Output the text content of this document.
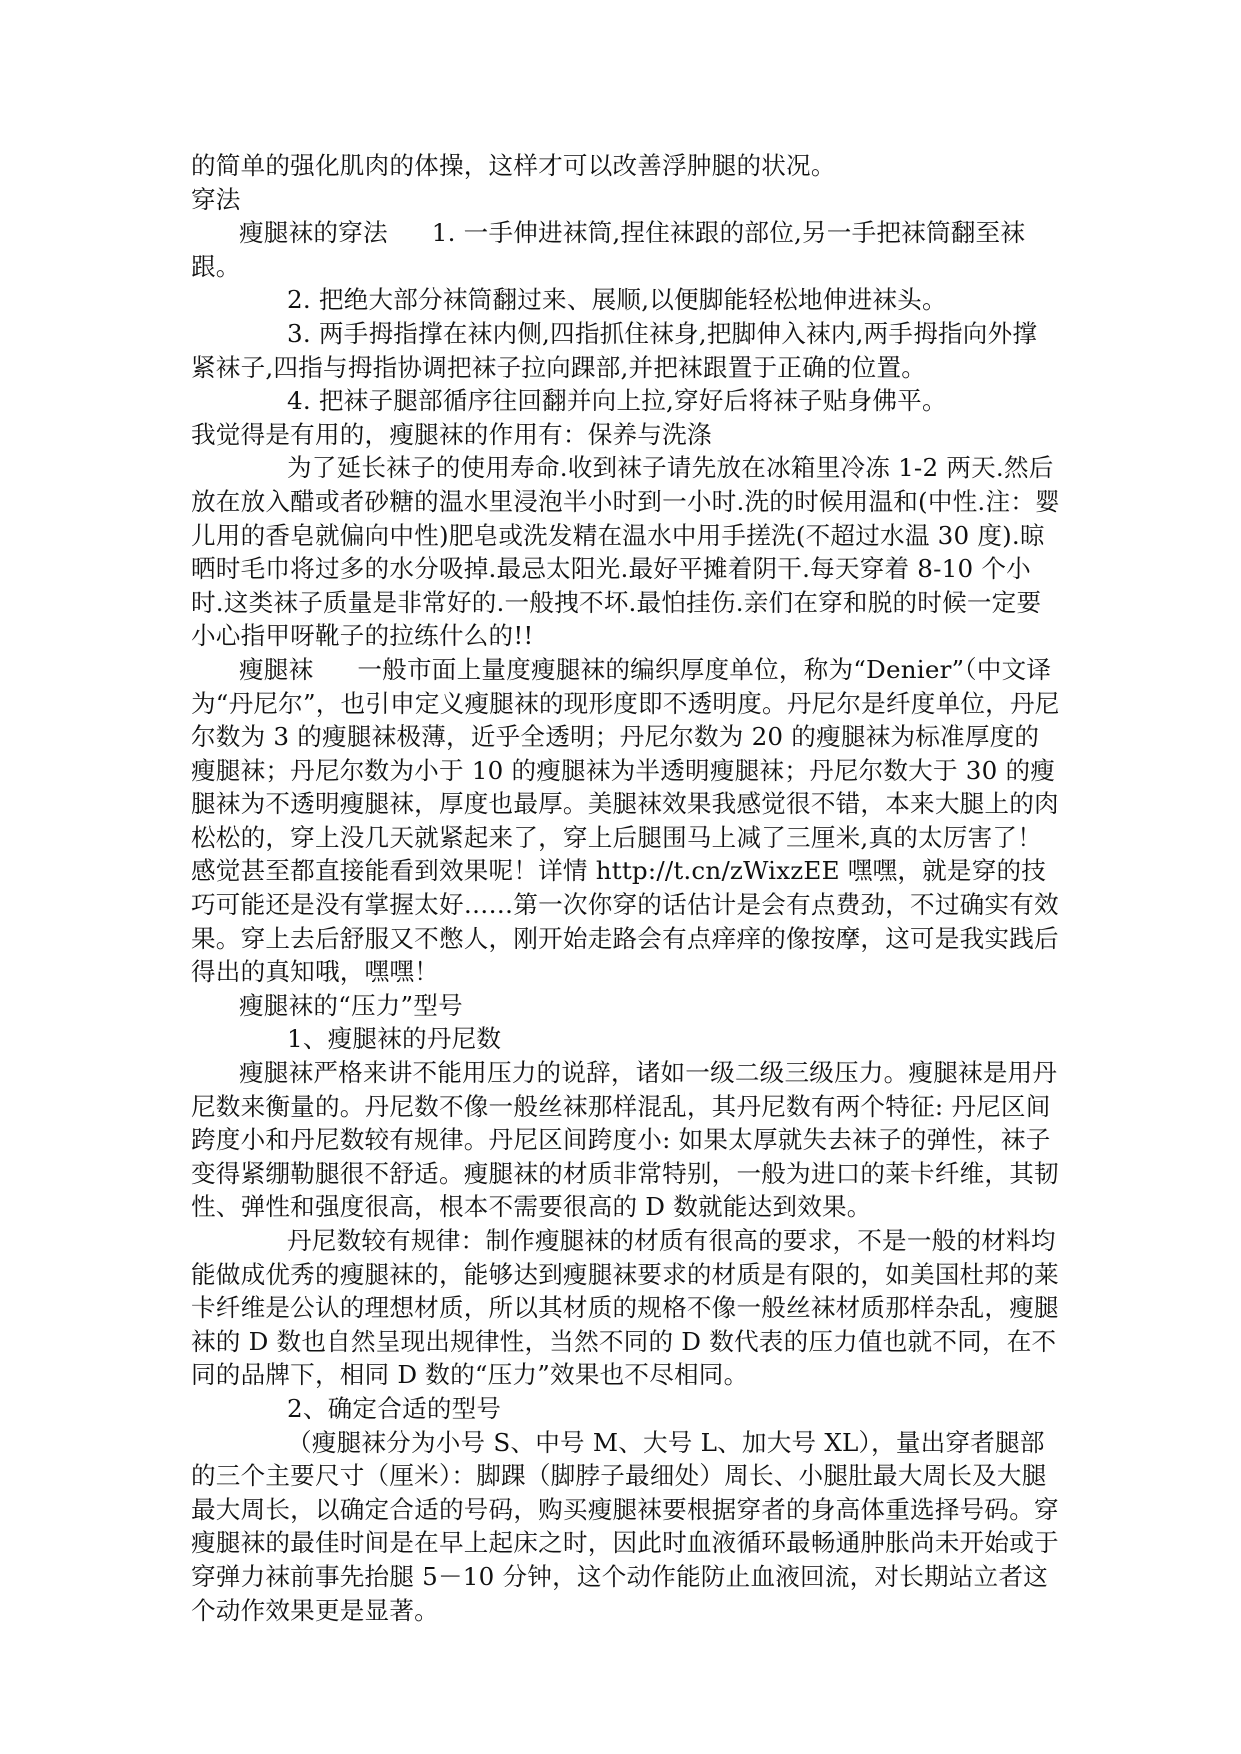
的简单的强化肌肉的体操，这样才可以改善浮肿腿的状况。

穿法

瘦腿袜的穿法 1. 一手伸进袜筒,捏住袜跟的部位,另一手把袜筒翻至袜跟。

2. 把绝大部分袜筒翻过来、展顺,以便脚能轻松地伸进袜头。

3. 两手拇指撑在袜内侧,四指抓住袜身,把脚伸入袜内,两手拇指向外撑紧袜子,四指与拇指协调把袜子拉向踝部,并把袜跟置于正确的位置。

4. 把袜子腿部循序往回翻并向上拉,穿好后将袜子贴身佛平。

我觉得是有用的，瘦腿袜的作用有：保养与洗涤

为了延长袜子的使用寿命.收到袜子请先放在冰箱里冷冻 1-2 两天.然后放在放入醋或者砂糖的温水里浸泡半小时到一小时.洗的时候用温和(中性.注：婴儿用的香皂就偏向中性)肥皂或洗发精在温水中用手搓洗(不超过水温 30 度).晾晒时毛巾将过多的水分吸掉.最忌太阳光.最好平摊着阴干.每天穿着 8-10 个小时.这类袜子质量是非常好的.一般拽不坏.最怕挂伤.亲们在穿和脱的时候一定要小心指甲呀靴子的拉练什么的!!

瘦腿袜 一般市面上量度瘦腿袜的编织厚度单位，称为“Denier”（中文译为“丹尼尔”，也引申定义瘦腿袜的现形度即不透明度。丹尼尔是纤度单位，丹尼尔数为 3 的瘦腿袜极薄，近乎全透明；丹尼尔数为 20 的瘦腿袜为标准厚度的瘦腿袜；丹尼尔数为小于 10 的瘦腿袜为半透明瘦腿袜；丹尼尔数大于 30 的瘦腿袜为不透明瘦腿袜，厚度也最厚。美腿袜效果我感觉很不错，本来大腿上的肉松松的，穿上没几天就紧起来了，穿上后腿围马上减了三厘米,真的太厉害了！感觉甚至都直接能看到效果呢！详情 http://t.cn/zWixzEE 嘿嘿，就是穿的技巧可能还是没有掌握太好……第一次你穿的话估计是会有点费劲，不过确实有效果。穿上去后舒服又不憋人，刚开始走路会有点痒痒的像按摩，这可是我实践后得出的真知哦，嘿嘿！

瘦腿袜的“压力”型号

1、瘦腿袜的丹尼数

瘦腿袜严格来讲不能用压力的说辞，诸如一级二级三级压力。瘦腿袜是用丹尼数来衡量的。丹尼数不像一般丝袜那样混乱，其丹尼数有两个特征: 丹尼区间跨度小和丹尼数较有规律。丹尼区间跨度小: 如果太厚就失去袜子的弹性，袜子变得紧绷勒腿很不舒适。瘦腿袜的材质非常特别，一般为进口的莱卡纤维，其韧性、弹性和强度很高，根本不需要很高的 D 数就能达到效果。

丹尼数较有规律：制作瘦腿袜的材质有很高的要求，不是一般的材料均能做成优秀的瘦腿袜的，能够达到瘦腿袜要求的材质是有限的，如美国杜邦的莱卡纤维是公认的理想材质，所以其材质的规格不像一般丝袜材质那样杂乱，瘦腿袜的 D 数也自然呈现出规律性，当然不同的 D 数代表的压力值也就不同，在不同的品牌下，相同 D 数的“压力”效果也不尽相同。

2、确定合适的型号

（瘦腿袜分为小号 S、中号 M、大号 L、加大号 XL），量出穿者腿部的三个主要尺寸（厘米）：脚踝（脚脖子最细处）周长、小腿肚最大周长及大腿最大周长，以确定合适的号码，购买瘦腿袜要根据穿者的身高体重选择号码。穿瘦腿袜的最佳时间是在早上起床之时，因此时血液循环最畅通肿胀尚未开始或于穿弹力袜前事先抬腿 5－10 分钟，这个动作能防止血液回流，对长期站立者这个动作效果更是显著。
